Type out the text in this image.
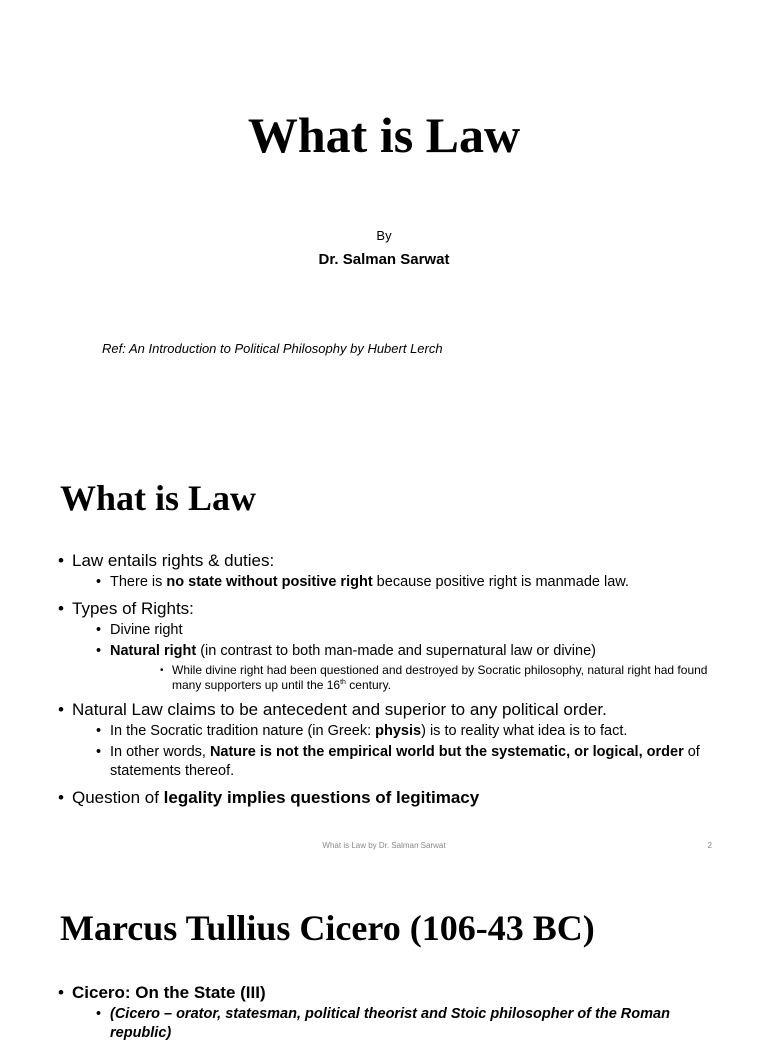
What is Law
By
Dr. Salman Sarwat
Ref: An Introduction to Political Philosophy by Hubert Lerch
What is Law
• Law entails rights & duties:
• There is no state without positive right because positive right is manmade law.
• Types of Rights:
• Divine right
• Natural right (in contrast to both man-made and supernatural law or divine)
• While divine right had been questioned and destroyed by Socratic philosophy, natural right had found many supporters up until the 16th century.
• Natural Law claims to be antecedent and superior to any political order.
• In the Socratic tradition nature (in Greek: physis) is to reality what idea is to fact.
• In other words, Nature is not the empirical world but the systematic, or logical, order of statements thereof.
• Question of legality implies questions of legitimacy
What is Law by Dr. Salman Sarwat	2
Marcus Tullius Cicero (106-43 BC)
• Cicero: On the State (III)
• (Cicero – orator, statesman, political theorist and Stoic philosopher of the Roman republic)
